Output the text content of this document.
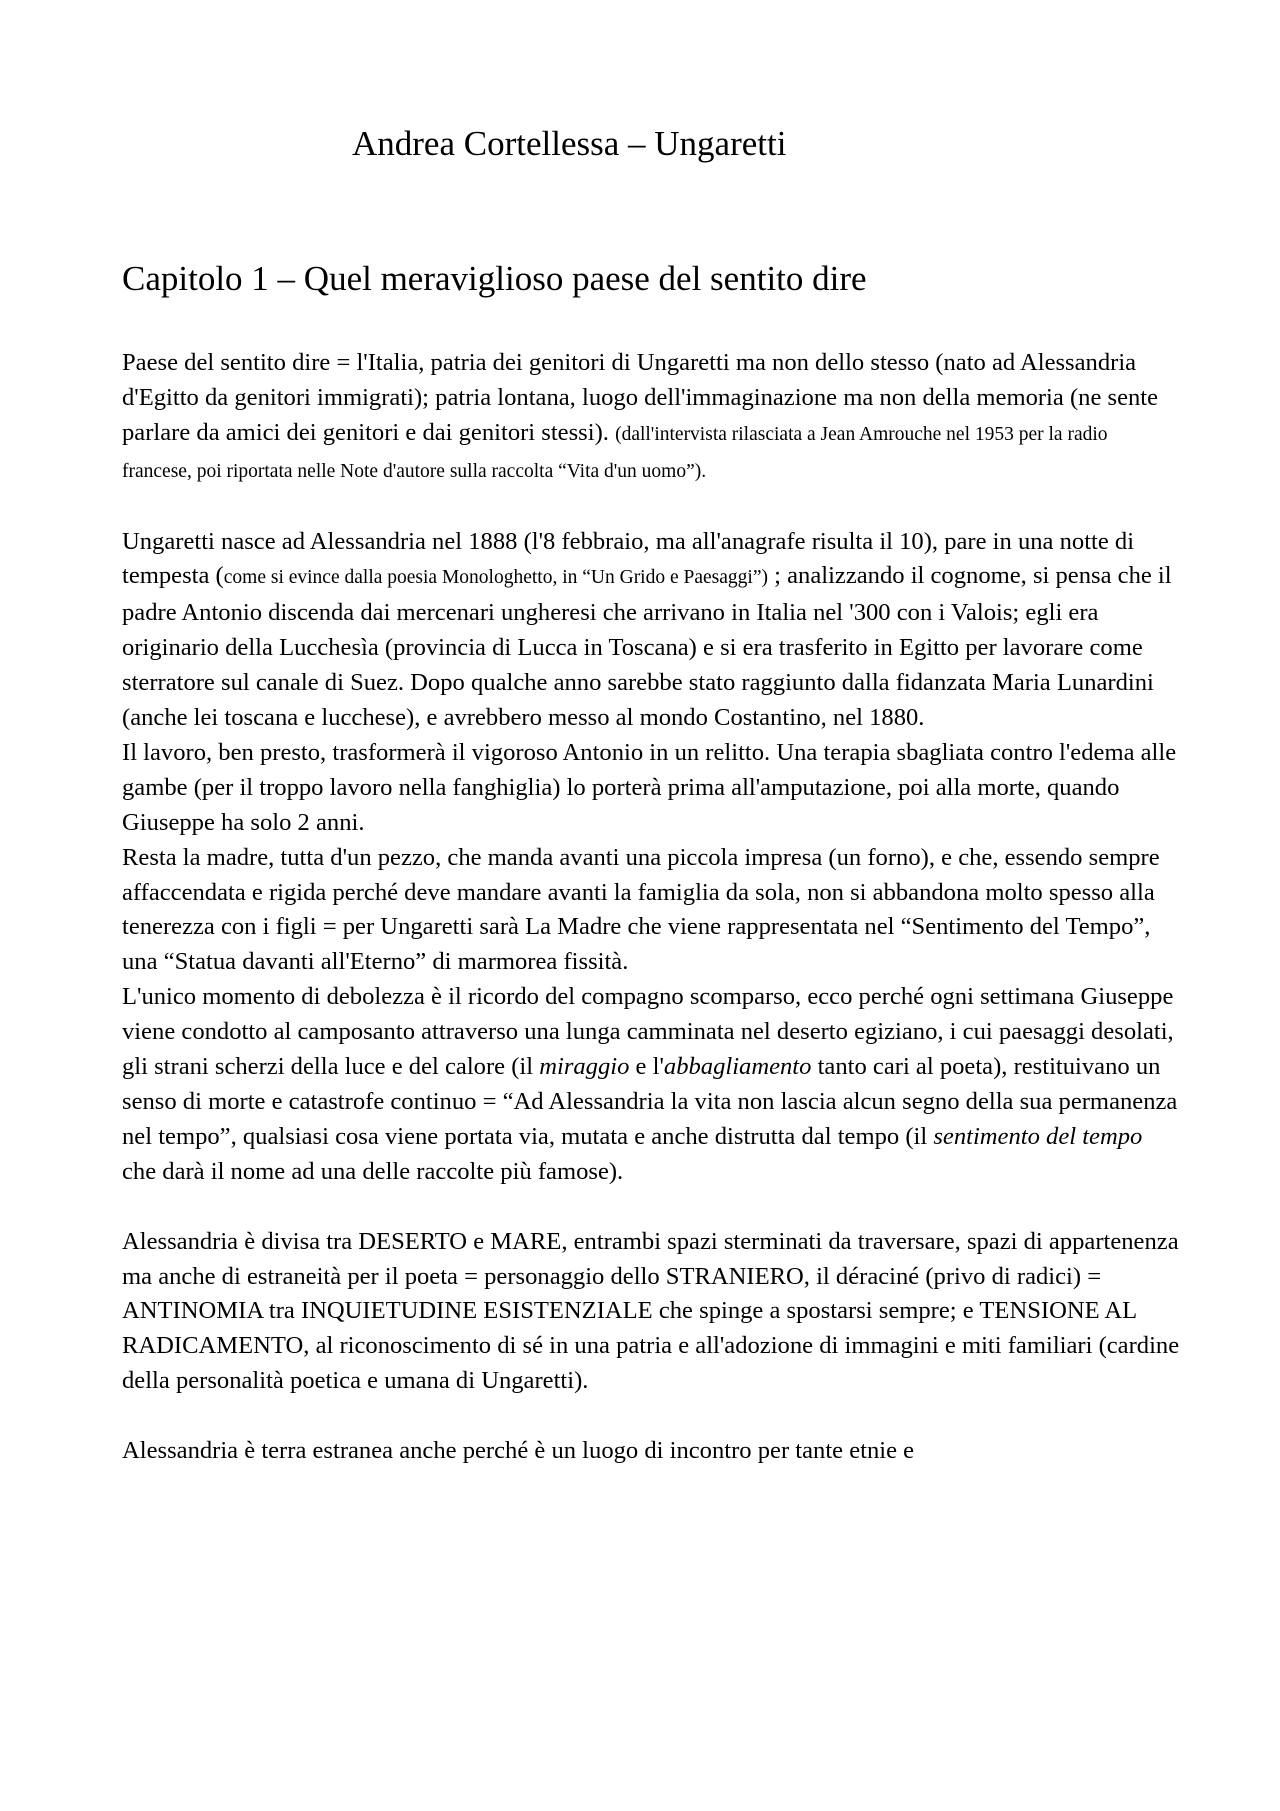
Andrea Cortellessa – Ungaretti
Capitolo 1 – Quel meraviglioso paese del sentito dire

Paese del sentito dire = l'Italia, patria dei genitori di Ungaretti ma non dello stesso (nato ad Alessandria d'Egitto da genitori immigrati); patria lontana, luogo dell'immaginazione ma non della memoria (ne sente parlare da amici dei genitori e dai genitori stessi). (dall'intervista rilasciata a Jean Amrouche nel 1953 per la radio francese, poi riportata nelle Note d'autore sulla raccolta “Vita d'un uomo”).

Ungaretti nasce ad Alessandria nel 1888 (l'8 febbraio, ma all'anagrafe risulta il 10), pare in una notte di tempesta (come si evince dalla poesia Monologhetto, in “Un Grido e Paesaggi”) ; analizzando il cognome, si pensa che il padre Antonio discenda dai mercenari ungheresi che arrivano in Italia nel '300 con i Valois; egli era originario della Lucchesìa (provincia di Lucca in Toscana) e si era trasferito in Egitto per lavorare come sterratore sul canale di Suez. Dopo qualche anno sarebbe stato raggiunto dalla fidanzata Maria Lunardini (anche lei toscana e lucchese), e avrebbero messo al mondo Costantino, nel 1880.

Il lavoro, ben presto, trasformerà il vigoroso Antonio in un relitto. Una terapia sbagliata contro l'edema alle gambe (per il troppo lavoro nella fanghiglia) lo porterà prima all'amputazione, poi alla morte, quando Giuseppe ha solo 2 anni.

Resta la madre, tutta d'un pezzo, che manda avanti una piccola impresa (un forno), e che, essendo sempre affaccendata e rigida perché deve mandare avanti la famiglia da sola, non si abbandona molto spesso alla tenerezza con i figli = per Ungaretti sarà La Madre che viene rappresentata nel “Sentimento del Tempo”, una “Statua davanti all'Eterno” di marmorea fissità.

L'unico momento di debolezza è il ricordo del compagno scomparso, ecco perché ogni settimana Giuseppe viene condotto al camposanto attraverso una lunga camminata nel deserto egiziano, i cui paesaggi desolati, gli strani scherzi della luce e del calore (il miraggio e l'abbagliamento tanto cari al poeta), restituivano un senso di morte e catastrofe continuo = “Ad Alessandria la vita non lascia alcun segno della sua permanenza nel tempo”, qualsiasi cosa viene portata via, mutata e anche distrutta dal tempo (il sentimento del tempo che darà il nome ad una delle raccolte più famose).

Alessandria è divisa tra DESERTO e MARE, entrambi spazi sterminati da traversare, spazi di appartenenza ma anche di estraneità per il poeta = personaggio dello STRANIERO, il déraciné (privo di radici) = ANTINOMIA tra INQUIETUDINE ESISTENZIALE che spinge a spostarsi sempre; e TENSIONE AL RADICAMENTO, al riconoscimento di sé in una patria e all'adozione di immagini e miti familiari (cardine della personalità poetica e umana di Ungaretti).

Alessandria è terra estranea anche perché è un luogo di incontro per tante etnie e
